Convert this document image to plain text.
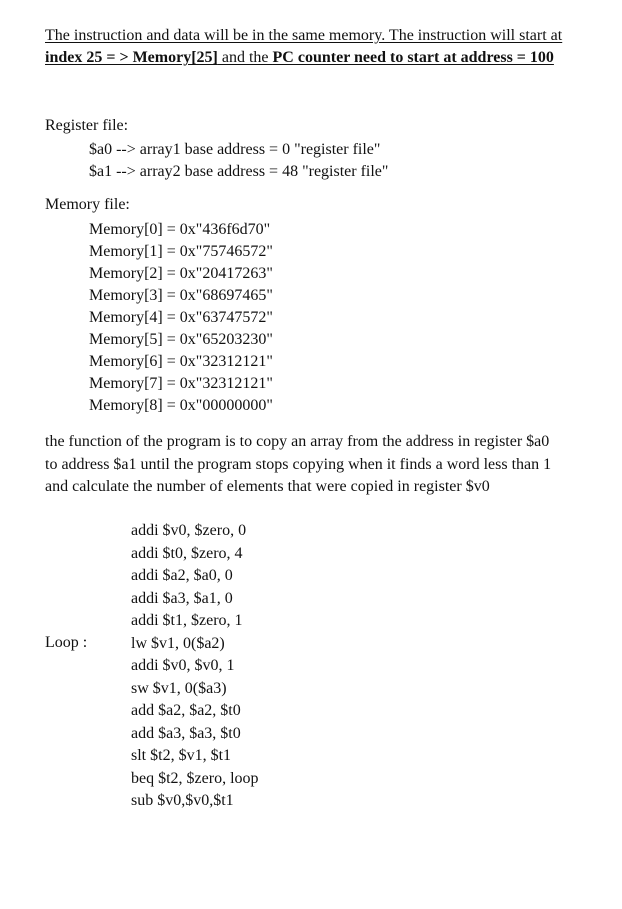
The instruction and data will be in the same memory. The instruction will start at index 25 = > Memory[25] and the PC counter need to start at address = 100
Register file:
$a0 --> array1 base address = 0 "register file"
$a1 --> array2 base address = 48 "register file"
Memory file:
Memory[0] = 0x"436f6d70"
Memory[1] = 0x"75746572"
Memory[2] = 0x"20417263"
Memory[3] = 0x"68697465"
Memory[4] = 0x"63747572"
Memory[5] = 0x"65203230"
Memory[6] = 0x"32312121"
Memory[7] = 0x"32312121"
Memory[8] = 0x"00000000"
the function of the program is to copy an array from the address in register $a0 to address $a1 until the program stops copying when it finds a word less than 1 and calculate the number of elements that were copied in register $v0
Loop :
addi $v0, $zero, 0
addi $t0, $zero, 4
addi $a2, $a0, 0
addi $a3, $a1, 0
addi $t1, $zero, 1
lw $v1, 0($a2)
addi $v0, $v0, 1
sw $v1, 0($a3)
add $a2, $a2, $t0
add $a3, $a3, $t0
slt $t2, $v1, $t1
beq $t2, $zero, loop
sub $v0,$v0,$t1
